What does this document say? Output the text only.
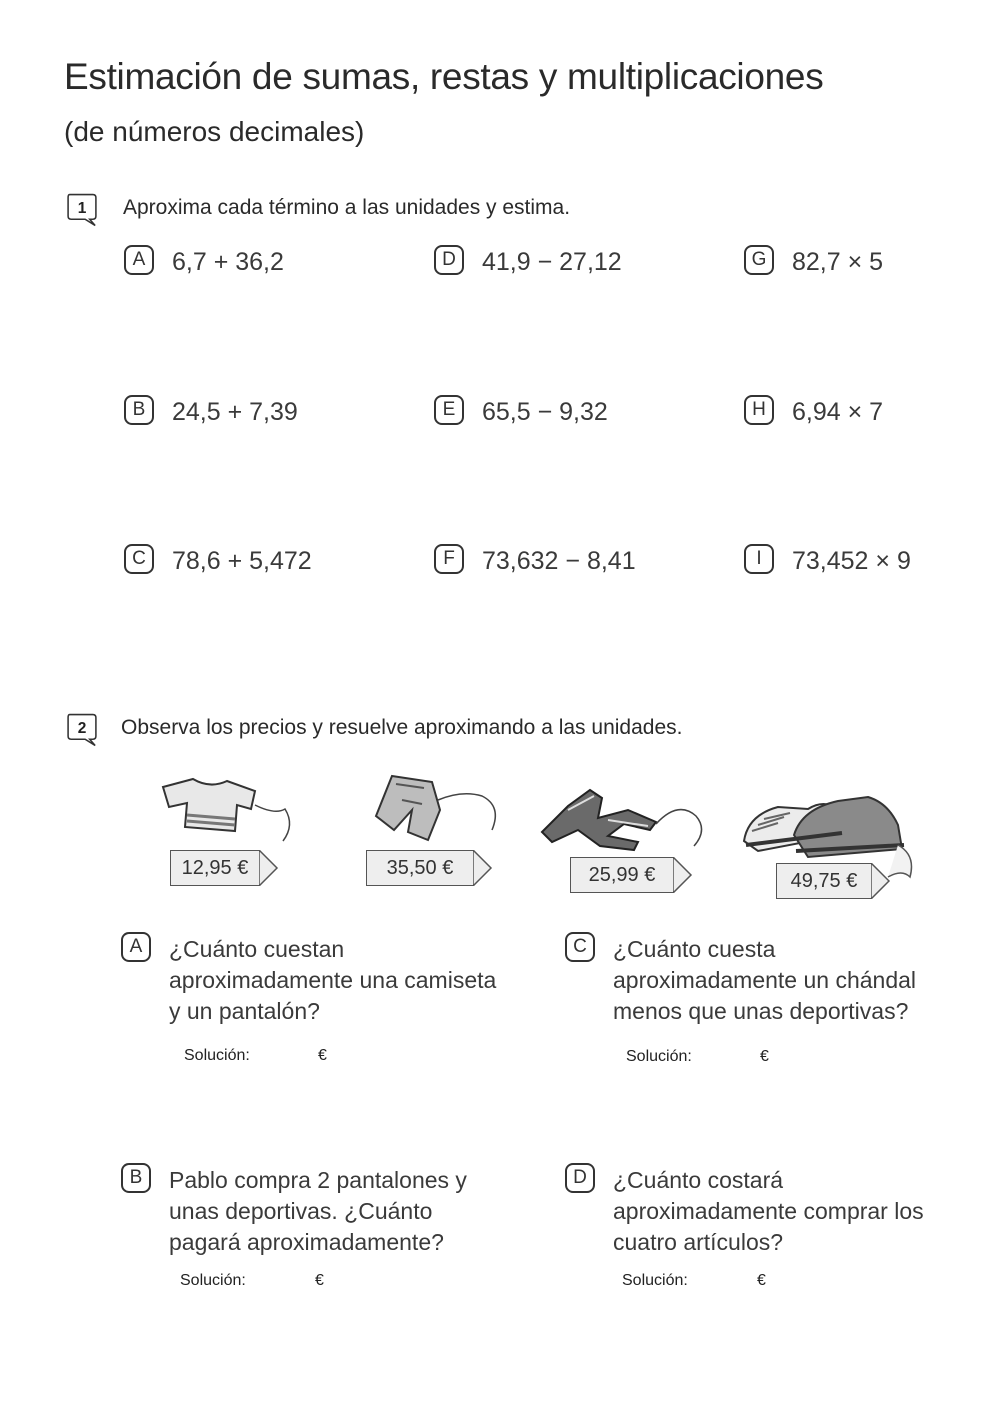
Estimación de sumas, restas y multiplicaciones
(de números decimales)
1 Aproxima cada término a las unidades y estima.
A	6,7 + 36,2
B	24,5 + 7,39
C	78,6 + 5,472
D	41,9 − 27,12
E	65,5 − 9,32
F	73,632 − 8,41
G	82,7 × 5
H	6,94 × 7
I	73,452 × 9
2 Observa los precios y resuelve aproximando a las unidades.
12,95 €	35,50 €	25,99 €	49,75 €
A	¿Cuánto cuestan aproximadamente una camiseta y un pantalón?
Solución:	€
B	Pablo compra 2 pantalones y unas deportivas. ¿Cuánto pagará aproximadamente?
Solución:	€
C	¿Cuánto cuesta aproximadamente un chándal menos que unas deportivas?
Solución:	€
D	¿Cuánto costará aproximadamente comprar los cuatro artículos?
Solución:	€
